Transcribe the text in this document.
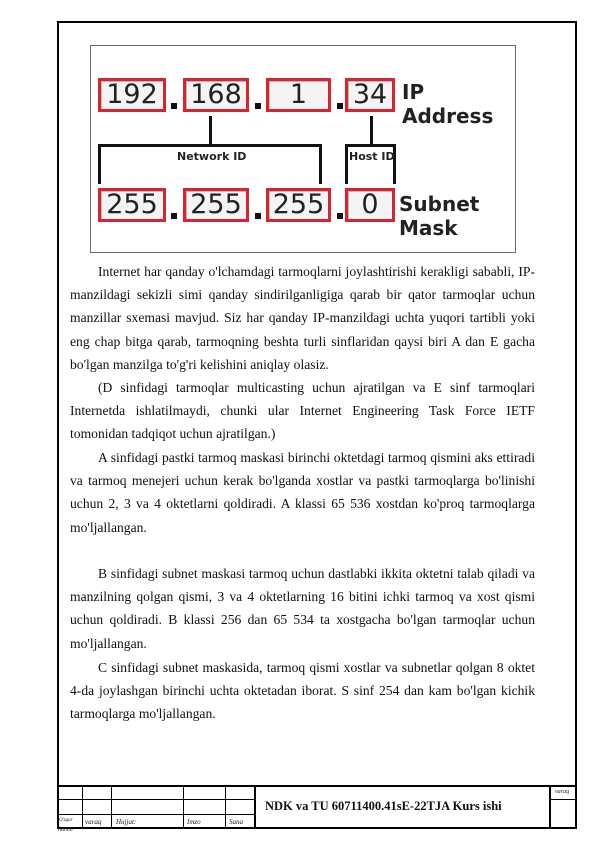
192	168	1	34 IP Address
Network ID	Host ID
255	255 255	0	Subnet Mask

Internet har qanday o'lchamdagi tarmoqlarni joylashtirishi kerakligi sababli, IP-manzildagi sekizli simi qanday sindirilganligiga qarab bir qator tarmoqlar uchun manzillar sxemasi mavjud. Siz har qanday IP-manzildagi uchta yuqori tartibli yoki eng chap bitga qarab, tarmoqning beshta turli sinflaridan qaysi biri A dan E gacha bo'lgan manzilga to'g'ri kelishini aniqlay olasiz.

(D sinfidagi tarmoqlar multicasting uchun ajratilgan va E sinf tarmoqlari Internetda ishlatilmaydi, chunki ular Internet Engineering Task Force IETF tomonidan tadqiqot uchun ajratilgan.)

A sinfidagi pastki tarmoq maskasi birinchi oktetdagi tarmoq qismini aks ettiradi va tarmoq menejeri uchun kerak bo'lganda xostlar va pastki tarmoqlarga bo'linishi uchun 2, 3 va 4 oktetlarni qoldiradi. A klassi 65 536 xostdan ko'proq tarmoqlarga mo'ljallangan.

B sinfidagi subnet maskasi tarmoq uchun dastlabki ikkita oktetni talab qiladi va manzilning qolgan qismi, 3 va 4 oktetlarning 16 bitini ichki tarmoq va xost qismi uchun qoldiradi. B klassi 256 dan 65 534 ta xostgacha bo'lgan tarmoqlar uchun mo'ljallangan.

C sinfidagi subnet maskasida, tarmoq qismi xostlar va subnetlar qolgan 8 oktet 4-da joylashgan birinchi uchta oktetadan iborat. S sinf 254 dan kam bo'lgan kichik tarmoqlarga mo'ljallangan.

O'zgar varaq Hujjat:	Imzo	Sana
hamm
varaq
NDK va TU 60711400.41sE-22TJA Kurs ishi
